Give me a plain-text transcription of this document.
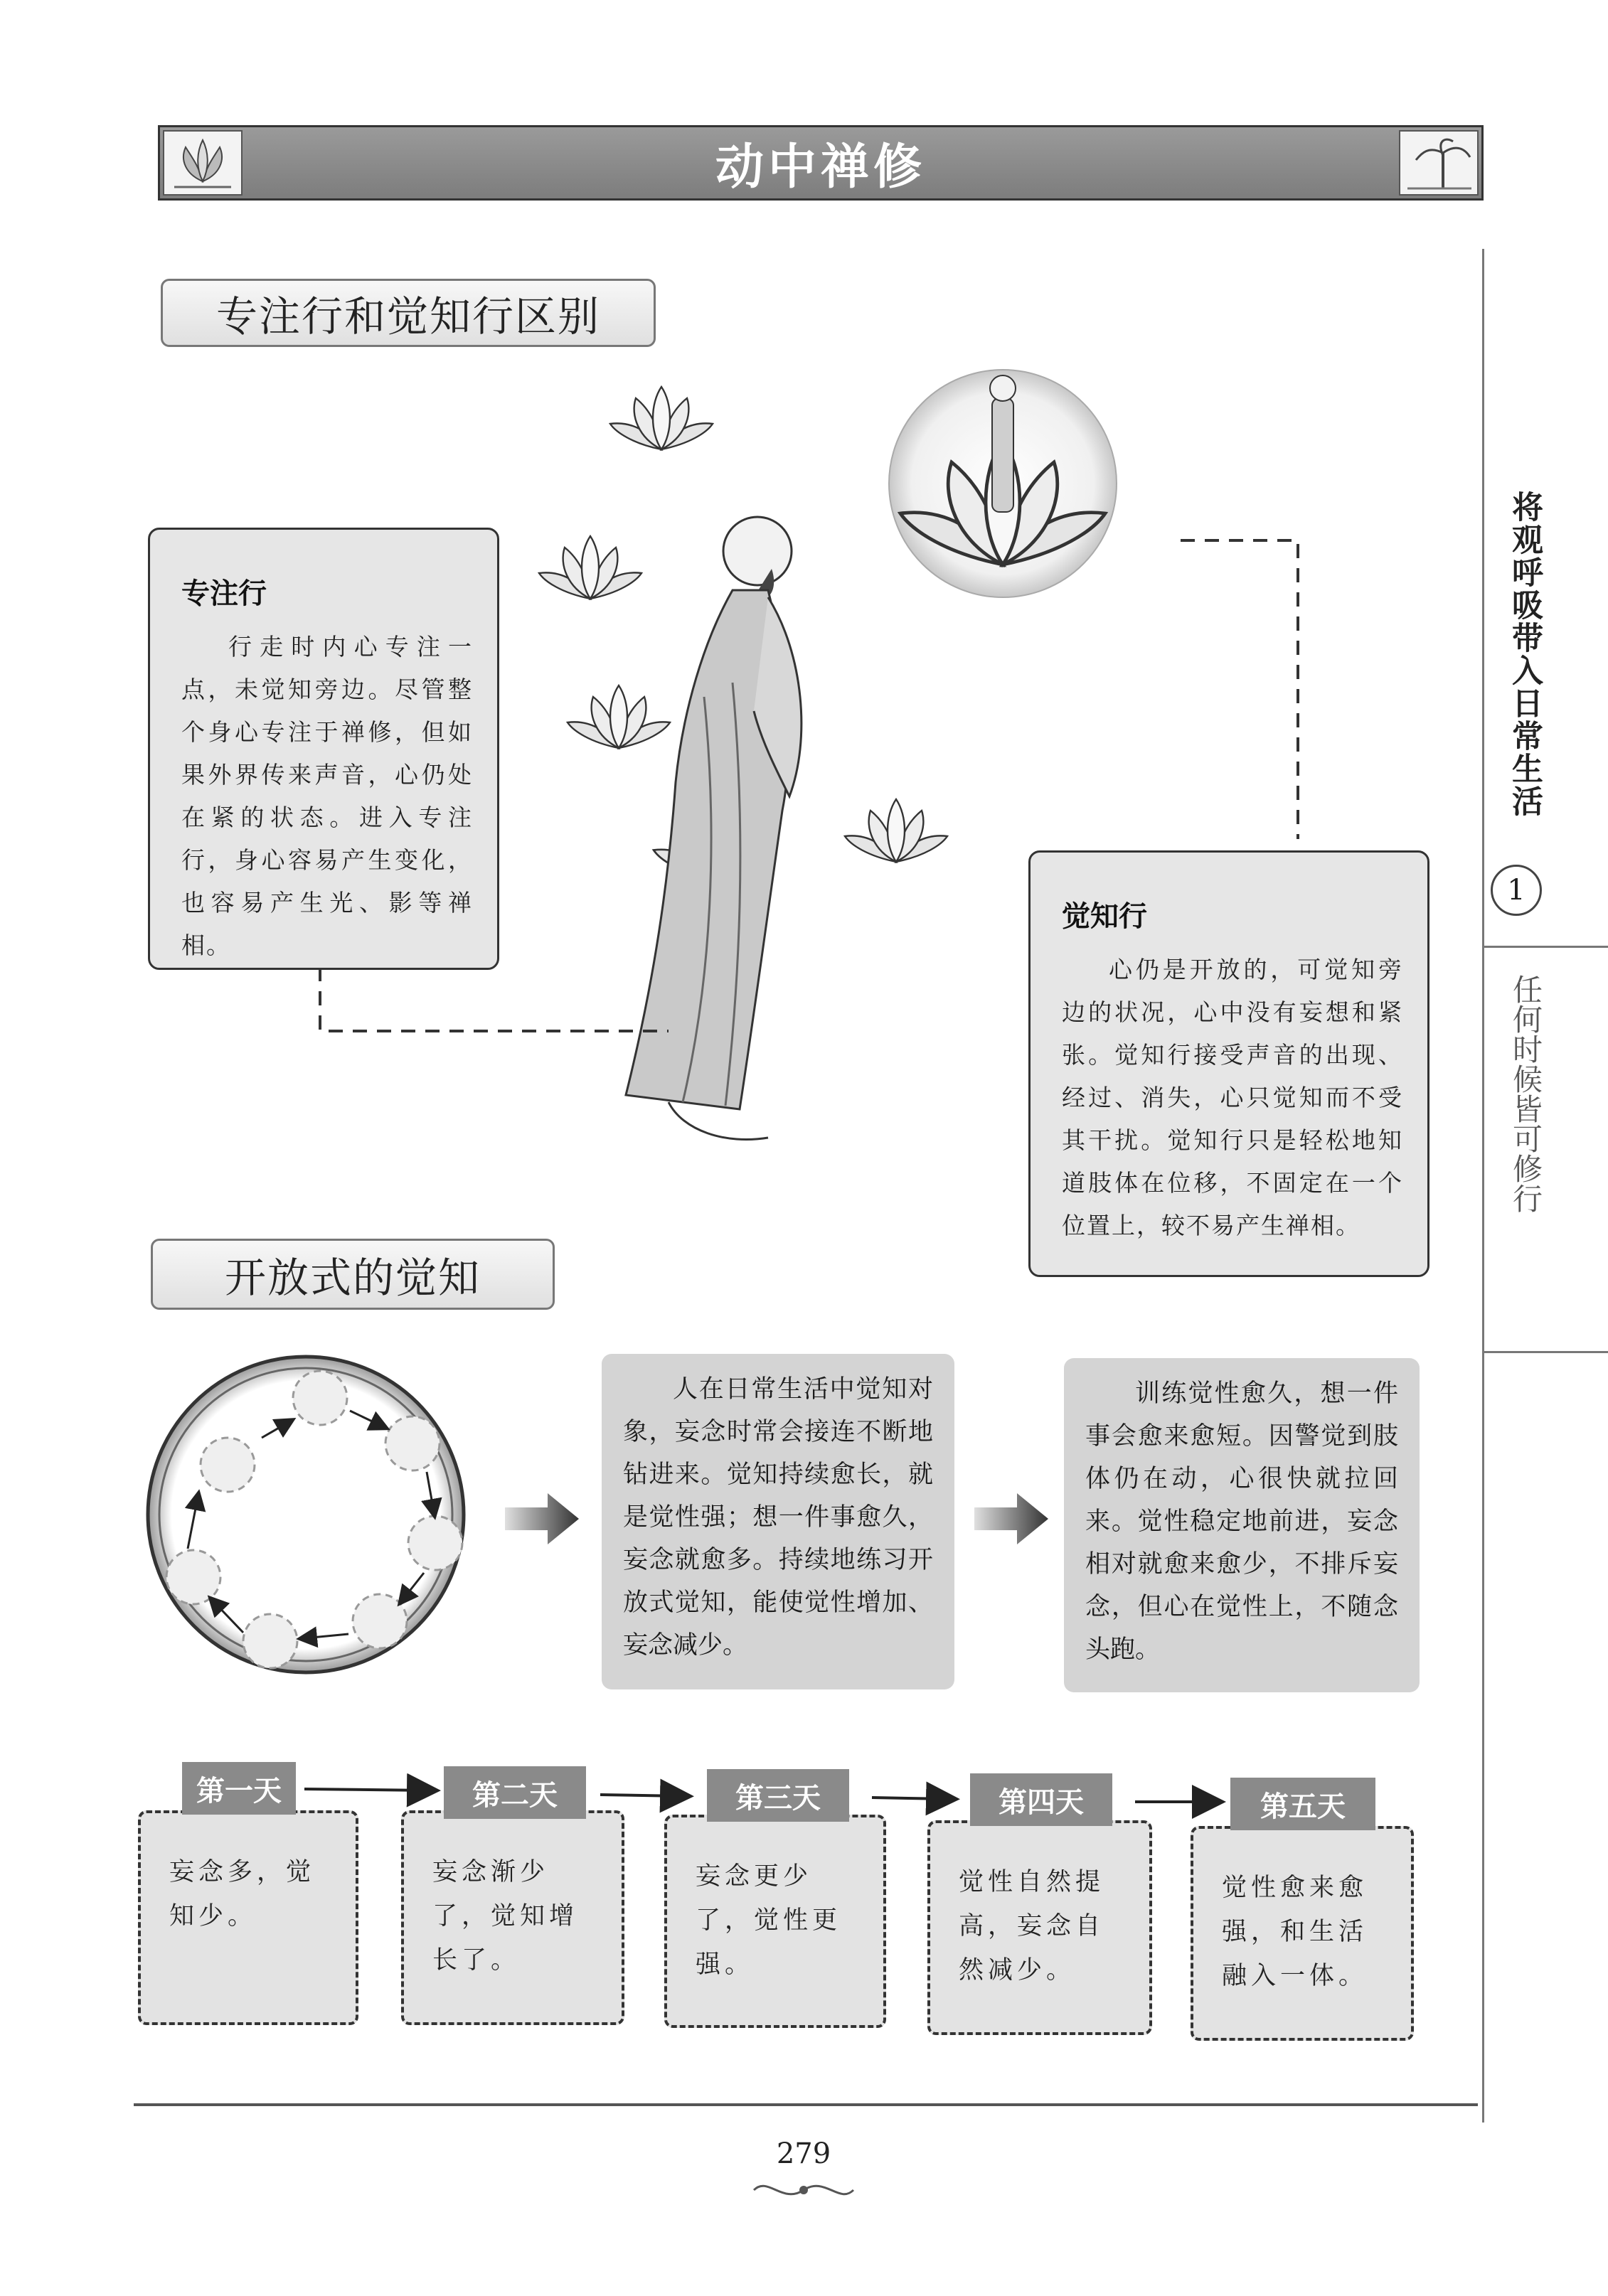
动中禅修
将观呼吸带入日常生活
1
任何时候皆可修行
专注行和觉知行区别
专注行
行走时内心专注一点，未觉知旁边。尽管整个身心专注于禅修，但如果外界传来声音，心仍处在紧的状态。进入专注行，身心容易产生变化，也容易产生光、影等禅相。
觉知行
心仍是开放的，可觉知旁边的状况，心中没有妄想和紧张。觉知行接受声音的出现、经过、消失，心只觉知而不受其干扰。觉知行只是轻松地知道肢体在位移，不固定在一个位置上，较不易产生禅相。
开放式的觉知
人在日常生活中觉知对象，妄念时常会接连不断地钻进来。觉知持续愈长，就是觉性强；想一件事愈久，妄念就愈多。持续地练习开放式觉知，能使觉性增加、妄念减少。
训练觉性愈久，想一件事会愈来愈短。因警觉到肢体仍在动，心很快就拉回来。觉性稳定地前进，妄念相对就愈来愈少，不排斥妄念，但心在觉性上，不随念头跑。
妄念多，觉知少。
第一天
妄念渐少了，觉知增长了。
第二天
妄念更少了，觉性更强。
第三天
觉性自然提高，妄念自然减少。
第四天
觉性愈来愈强，和生活融入一体。
第五天
279
